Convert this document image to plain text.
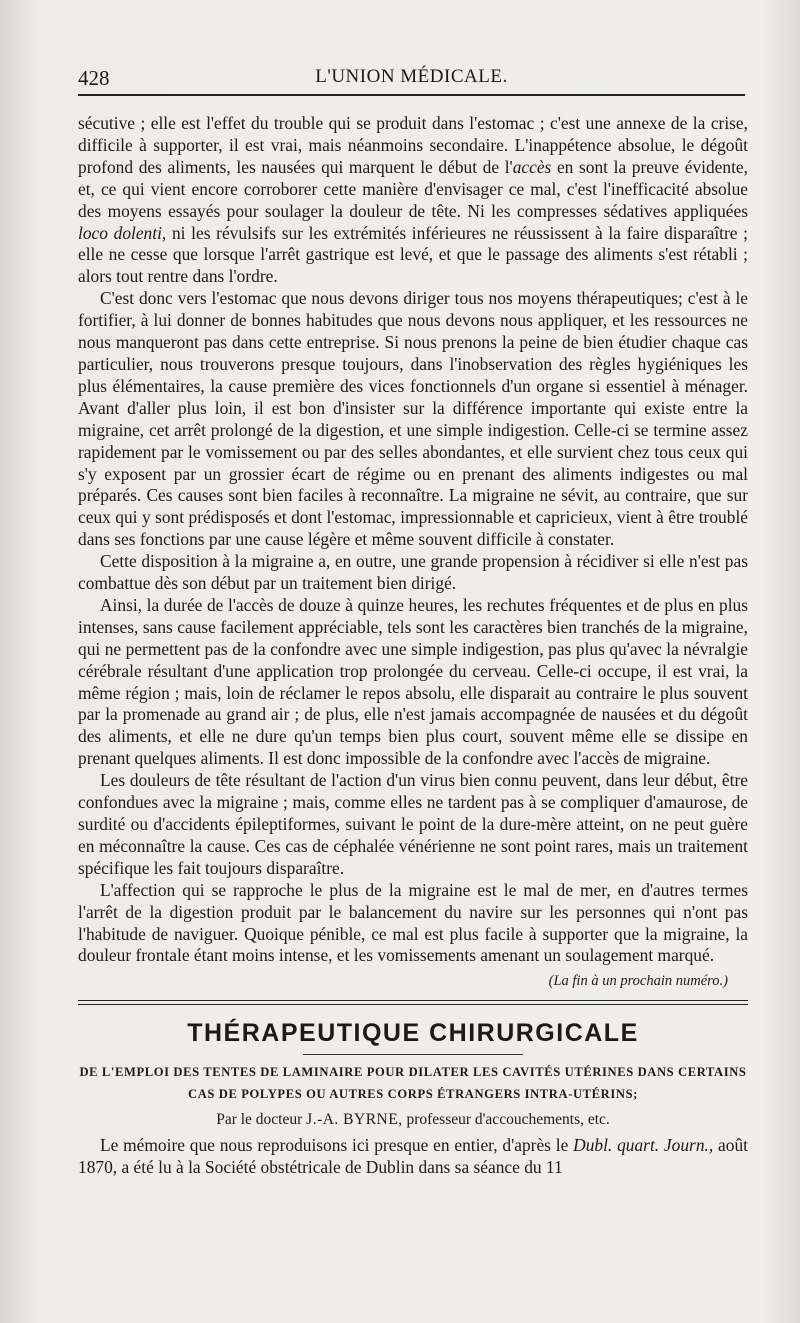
428	L'UNION MÉDICALE.

sécutive ; elle est l'effet du trouble qui se produit dans l'estomac ; c'est une annexe de la crise, difficile à supporter, il est vrai, mais néanmoins secondaire. L'inappétence absolue, le dégoût profond des aliments, les nausées qui marquent le début de l'accès en sont la preuve évidente, et, ce qui vient encore corroborer cette manière d'envisager ce mal, c'est l'inefficacité absolue des moyens essayés pour soulager la douleur de tête. Ni les compresses sédatives appliquées loco dolenti, ni les révulsifs sur les extrémités inférieures ne réussissent à la faire disparaître ; elle ne cesse que lorsque l'arrêt gastrique est levé, et que le passage des aliments s'est rétabli ; alors tout rentre dans l'ordre.

C'est donc vers l'estomac que nous devons diriger tous nos moyens thérapeutiques; c'est à le fortifier, à lui donner de bonnes habitudes que nous devons nous appliquer, et les ressources ne nous manqueront pas dans cette entreprise. Si nous prenons la peine de bien étudier chaque cas particulier, nous trouverons presque toujours, dans l'inobservation des règles hygiéniques les plus élémentaires, la cause première des vices fonctionnels d'un organe si essentiel à ménager. Avant d'aller plus loin, il est bon d'insister sur la différence importante qui existe entre la migraine, cet arrêt prolongé de la digestion, et une simple indigestion. Celle-ci se termine assez rapidement par le vomissement ou par des selles abondantes, et elle survient chez tous ceux qui s'y exposent par un grossier écart de régime ou en prenant des aliments indigestes ou mal préparés. Ces causes sont bien faciles à reconnaître. La migraine ne sévit, au contraire, que sur ceux qui y sont prédisposés et dont l'estomac, impressionnable et capricieux, vient à être troublé dans ses fonctions par une cause légère et même souvent difficile à constater.

Cette disposition à la migraine a, en outre, une grande propension à récidiver si elle n'est pas combattue dès son début par un traitement bien dirigé.

Ainsi, la durée de l'accès de douze à quinze heures, les rechutes fréquentes et de plus en plus intenses, sans cause facilement appréciable, tels sont les caractères bien tranchés de la migraine, qui ne permettent pas de la confondre avec une simple indigestion, pas plus qu'avec la névralgie cérébrale résultant d'une application trop prolongée du cerveau. Celle-ci occupe, il est vrai, la même région ; mais, loin de réclamer le repos absolu, elle disparait au contraire le plus souvent par la promenade au grand air ; de plus, elle n'est jamais accompagnée de nausées et du dégoût des aliments, et elle ne dure qu'un temps bien plus court, souvent même elle se dissipe en prenant quelques aliments. Il est donc impossible de la confondre avec l'accès de migraine.

Les douleurs de tête résultant de l'action d'un virus bien connu peuvent, dans leur début, être confondues avec la migraine ; mais, comme elles ne tardent pas à se compliquer d'amaurose, de surdité ou d'accidents épileptiformes, suivant le point de la dure-mère atteint, on ne peut guère en méconnaître la cause. Ces cas de céphalée vénérienne ne sont point rares, mais un traitement spécifique les fait toujours disparaître.

L'affection qui se rapproche le plus de la migraine est le mal de mer, en d'autres termes l'arrêt de la digestion produit par le balancement du navire sur les personnes qui n'ont pas l'habitude de naviguer. Quoique pénible, ce mal est plus facile à supporter que la migraine, la douleur frontale étant moins intense, et les vomissements amenant un soulagement marqué.

(La fin à un prochain numéro.)
THÉRAPEUTIQUE CHIRURGICALE
DE L'EMPLOI DES TENTES DE LAMINAIRE POUR DILATER LES CAVITÉS UTÉRINES DANS CERTAINS CAS DE POLYPES OU AUTRES CORPS ÉTRANGERS INTRA-UTÉRINS;
Par le docteur J.-A. BYRNE, professeur d'accouchements, etc.

Le mémoire que nous reproduisons ici presque en entier, d'après le Dubl. quart. Journ., août 1870, a été lu à la Société obstétricale de Dublin dans sa séance du 11
